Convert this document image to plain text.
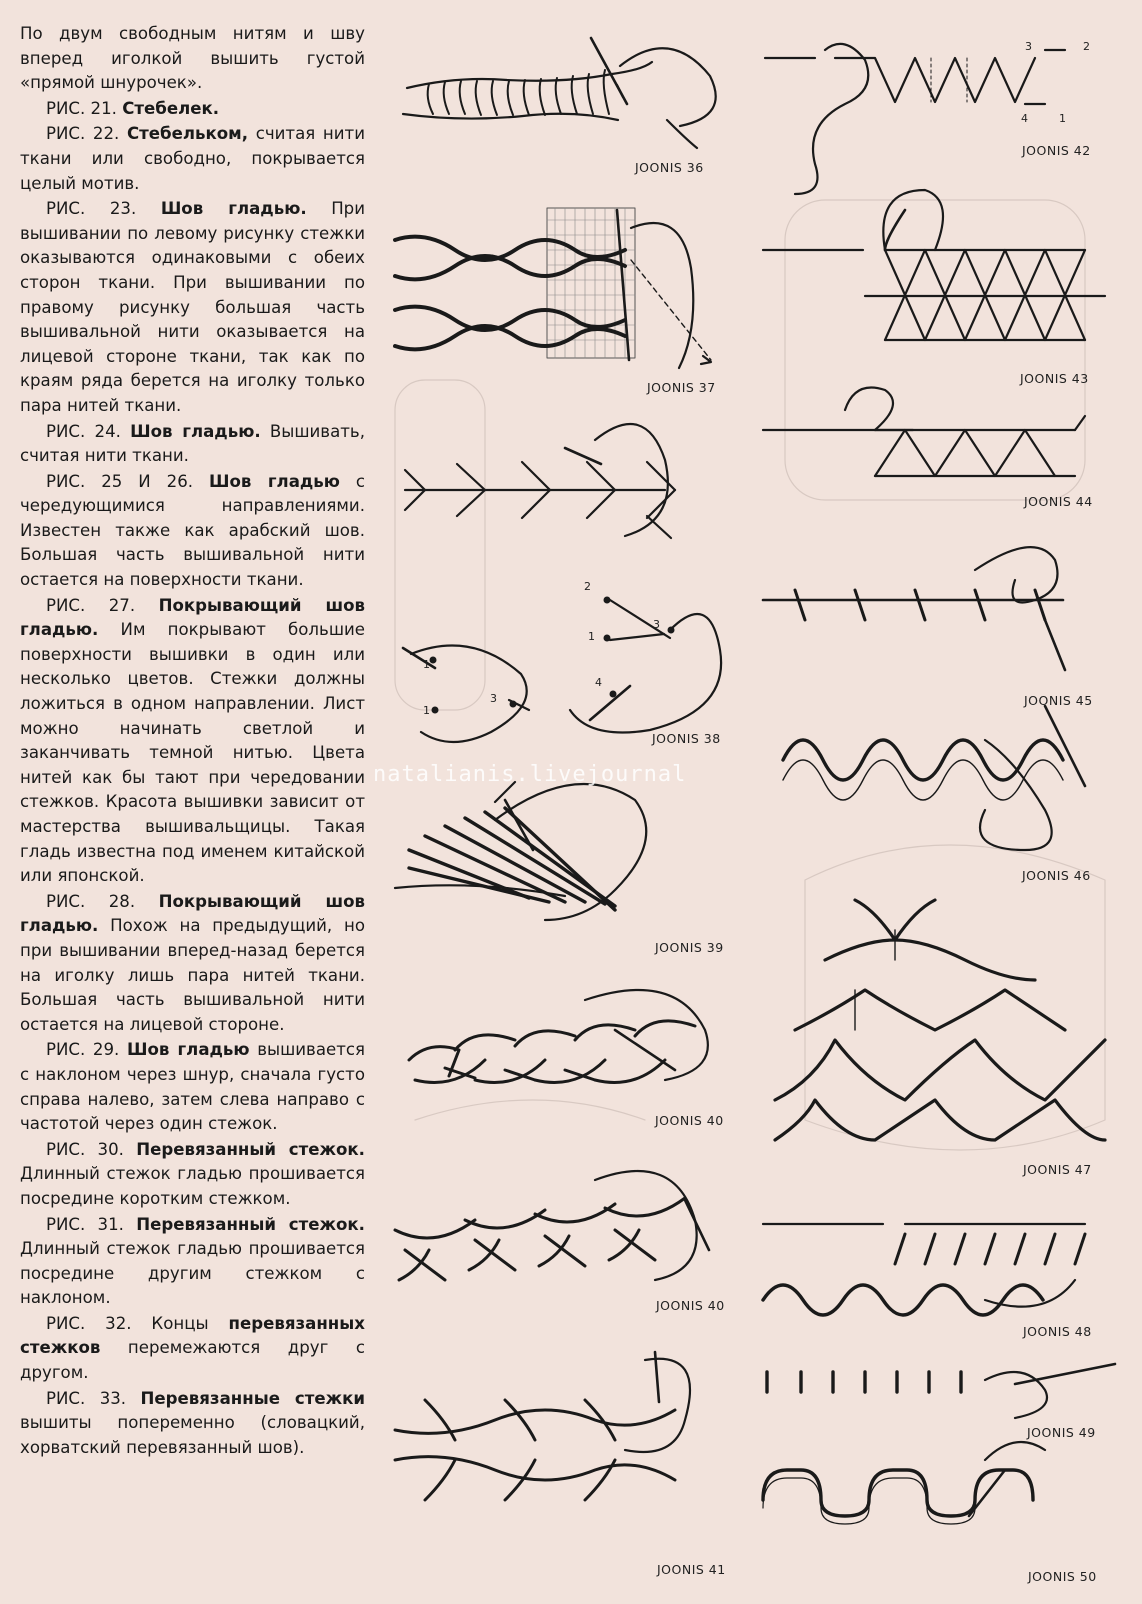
По двум свободным нитям и шву вперед иголкой вышить густой «прямой шнурочек».

РИС. 21. Стебелек.

РИС. 22. Стебельком, считая нити ткани или свободно, покрывается целый мотив.

РИС. 23. Шов гладью. При вышивании по левому рисунку стежки оказываются одинаковыми с обеих сторон ткани. При вышивании по правому рисунку большая часть вышивальной нити оказывается на лицевой стороне ткани, так как по краям ряда берется на иголку только пара нитей ткани.

РИС. 24. Шов гладью. Вышивать, считая нити ткани.

РИС. 25 И 26. Шов гладью с чередующимися направлениями. Известен также как арабский шов. Большая часть вышивальной нити остается на поверхности ткани.

РИС. 27. Покрывающий шов гладью. Им покрывают большие поверхности вышивки в один или несколько цветов. Стежки должны ложиться в одном направлении. Лист можно начинать светлой и заканчивать темной нитью. Цвета нитей как бы тают при чередовании стежков. Красота вышивки зависит от мастерства вышивальщицы. Такая гладь известна под именем китайской или японской.

РИС. 28. Покрывающий шов гладью. Похож на предыдущий, но при вышивании вперед-назад берется на иголку лишь пара нитей ткани. Большая часть вышивальной нити остается на лицевой стороне.

РИС. 29. Шов гладью вышивается с наклоном через шнур, сначала густо справа налево, затем слева направо с частотой через один стежок.

РИС. 30. Перевязанный стежок. Длинный стежок гладью прошивается посредине коротким стежком.

РИС. 31. Перевязанный стежок. Длинный стежок гладью прошивается посредине другим стежком с наклоном.

РИС. 32. Концы перевязанных стежков перемежаются друг с другом.

РИС. 33. Перевязанные стежки вышиты попеременно (словацкий, хорватский перевязанный шов).

2
1
3
1
1
3
4
3	2
4	1
JOONIS 36
JOONIS 37
JOONIS 38
JOONIS 39
JOONIS 40
JOONIS 40
JOONIS 41
JOONIS 42
JOONIS 43
JOONIS 44
JOONIS 45
JOONIS 46
JOONIS 47
JOONIS 48
JOONIS 49
JOONIS 50
natalianis.livejournal
